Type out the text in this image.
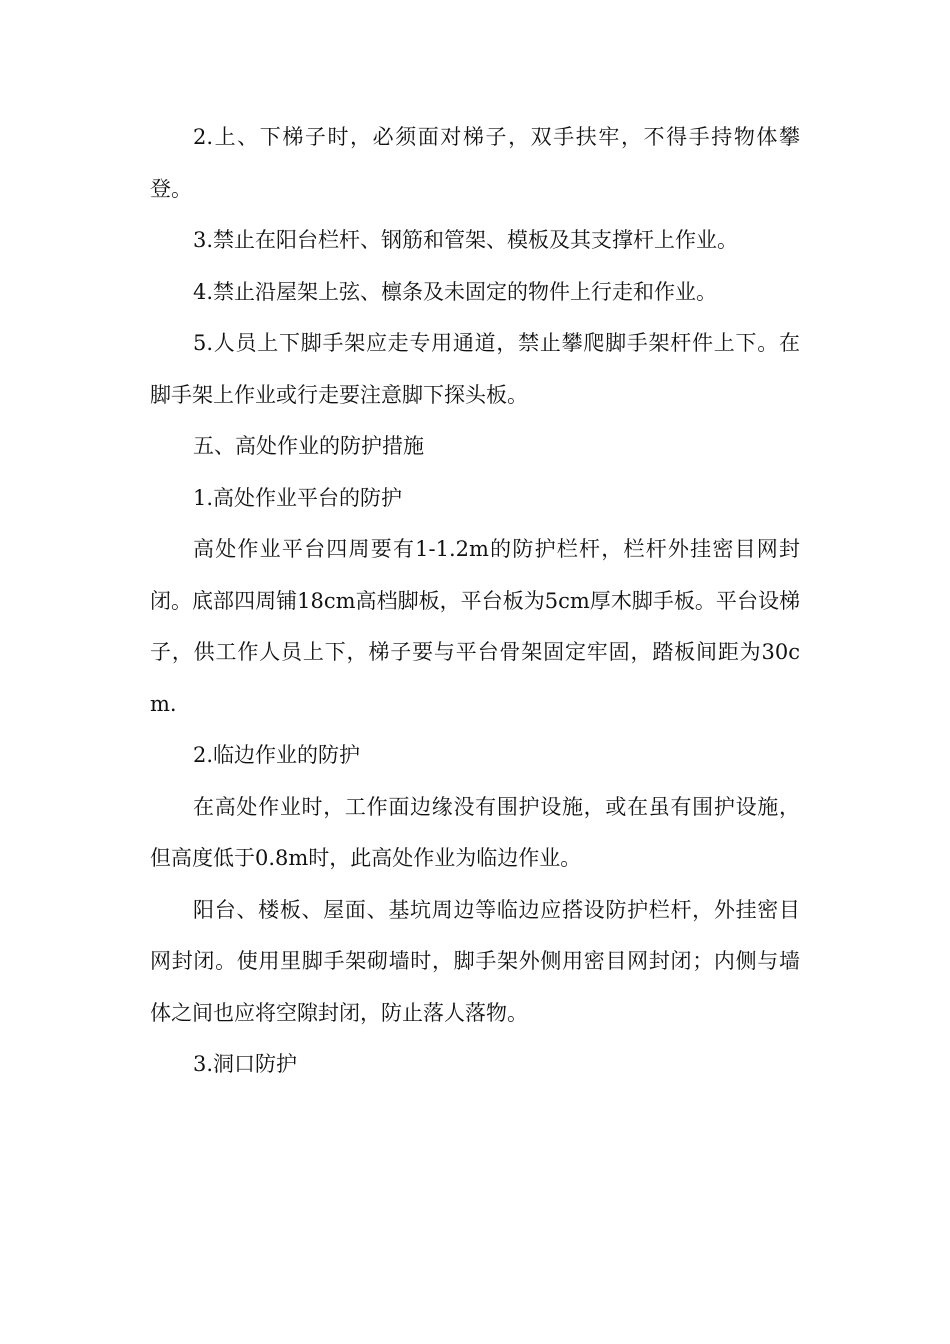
2.上、下梯子时，必须面对梯子，双手扶牢，不得手持物体攀登。

3.禁止在阳台栏杆、钢筋和管架、模板及其支撑杆上作业。

4.禁止沿屋架上弦、檩条及未固定的物件上行走和作业。

5.人员上下脚手架应走专用通道，禁止攀爬脚手架杆件上下。在脚手架上作业或行走要注意脚下探头板。

五、高处作业的防护措施

1.高处作业平台的防护

高处作业平台四周要有1-1.2m的防护栏杆，栏杆外挂密目网封闭。底部四周铺18cm高档脚板，平台板为5cm厚木脚手板。平台设梯子，供工作人员上下，梯子要与平台骨架固定牢固，踏板间距为30cm.

2.临边作业的防护

在高处作业时，工作面边缘没有围护设施，或在虽有围护设施，但高度低于0.8m时，此高处作业为临边作业。

阳台、楼板、屋面、基坑周边等临边应搭设防护栏杆，外挂密目网封闭。使用里脚手架砌墙时，脚手架外侧用密目网封闭；内侧与墙体之间也应将空隙封闭，防止落人落物。

3.洞口防护
